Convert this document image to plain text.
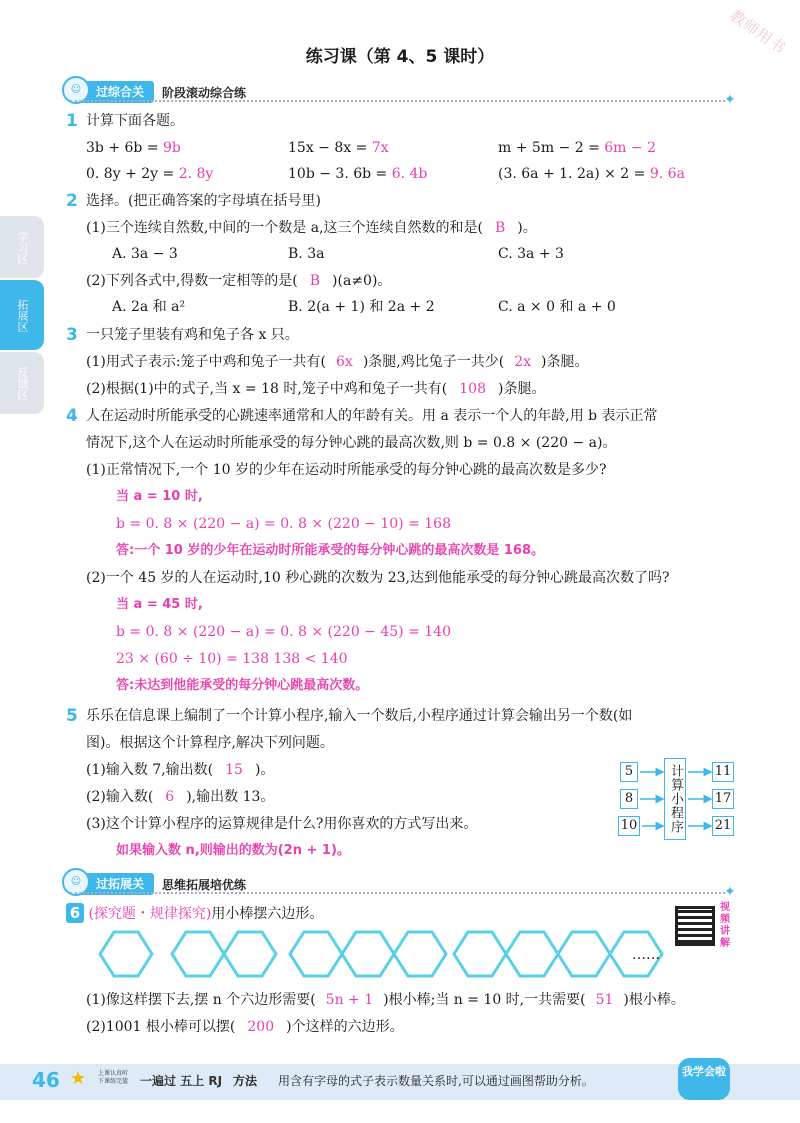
教师用书
练习课（第 4、5 课时）
☺	过综合关	阶段滚动综合练	✦
学习区
拓展区
反馈区
1 计算下面各题。
3b + 6b = 9b	15x − 8x = 7x	m + 5m − 2 = 6m − 2
0. 8y + 2y = 2. 8y	10b − 3. 6b = 6. 4b	(3. 6a + 1. 2a) × 2 = 9. 6a
2 选择。(把正确答案的字母填在括号里)
(1)三个连续自然数,中间的一个数是 a,这三个连续自然数的和是( B )。
A. 3a − 3	B. 3a	C. 3a + 3
(2)下列各式中,得数一定相等的是( B )(a≠0)。
A. 2a 和 a²	B. 2(a + 1) 和 2a + 2	C. a × 0 和 a + 0
3 一只笼子里装有鸡和兔子各 x 只。
(1)用式子表示:笼子中鸡和兔子一共有( 6x )条腿,鸡比兔子一共少( 2x )条腿。
(2)根据(1)中的式子,当 x = 18 时,笼子中鸡和兔子一共有( 108 )条腿。
4 人在运动时所能承受的心跳速率通常和人的年龄有关。用 a 表示一个人的年龄,用 b 表示正常
情况下,这个人在运动时所能承受的每分钟心跳的最高次数,则 b = 0.8 × (220 − a)。
(1)正常情况下,一个 10 岁的少年在运动时所能承受的每分钟心跳的最高次数是多少?
当 a = 10 时,
b = 0. 8 × (220 − a) = 0. 8 × (220 − 10) = 168
答:一个 10 岁的少年在运动时所能承受的每分钟心跳的最高次数是 168。
(2)一个 45 岁的人在运动时,10 秒心跳的次数为 23,达到他能承受的每分钟心跳最高次数了吗?
当 a = 45 时,
b = 0. 8 × (220 − a) = 0. 8 × (220 − 45) = 140
23 × (60 ÷ 10) = 138 138 < 140
答:未达到他能承受的每分钟心跳最高次数。
5 乐乐在信息课上编制了一个计算小程序,输入一个数后,小程序通过计算会输出另一个数(如
图)。根据这个计算程序,解决下列问题。
(1)输入数 7,输出数( 15 )。
(2)输入数( 6 ),输出数 13。
(3)这个计算小程序的运算规律是什么?用你喜欢的方式写出来。
如果输入数 n,则输出的数为(2n + 1)。
5
8
10	计算小程序 11
17
21
☺	过拓展关	思维拓展培优练	✦
6 (探究题・规律探究)用小棒摆六边形。	视频讲解
……
(1)像这样摆下去,摆 n 个六边形需要( 5n + 1 )根小棒;当 n = 10 时,一共需要( 51 )根小棒。
(2)1001 根小棒可以摆( 200 )个这样的六边形。
46 ★ 上课认真听
下课练完篮 一遍过 五上 RJ 方法 用含有字母的式子表示数量关系时,可以通过画图帮助分析。
我学会啦
